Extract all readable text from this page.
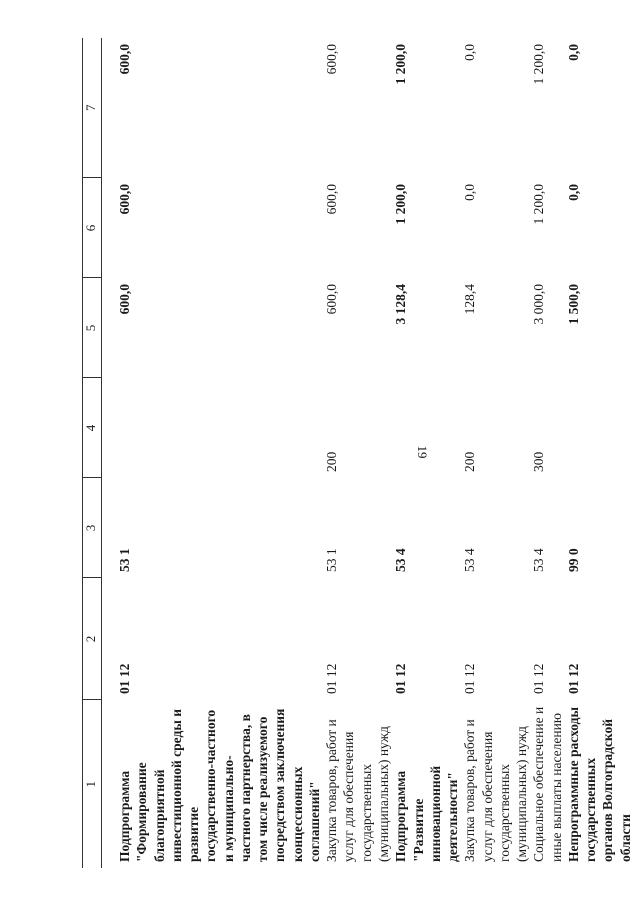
19
1	2	3	4	5	6	7

Подпрограмма "Формирование благоприятной инвестиционной среды и развитие государственно-частного и муниципально-частного партнерства, в том числе реализуемого посредством заключения концессионных соглашений"	01 12	53 1		600,0	600,0	600,0
Закупка товаров, работ и услуг для обеспечения государственных (муниципальных) нужд	01 12	53 1	200	600,0	600,0	600,0
Подпрограмма "Развитие инновационной деятельности"	01 12	53 4		3 128,4	1 200,0	1 200,0
Закупка товаров, работ и услуг для обеспечения государственных (муниципальных) нужд	01 12	53 4	200	128,4	0,0	0,0
Социальное обеспечение и иные выплаты населению	01 12	53 4	300	3 000,0	1 200,0	1 200,0
Непрограммные расходы государственных органов Волгоградской области	01 12	99 0		1 500,0	0,0	0,0
